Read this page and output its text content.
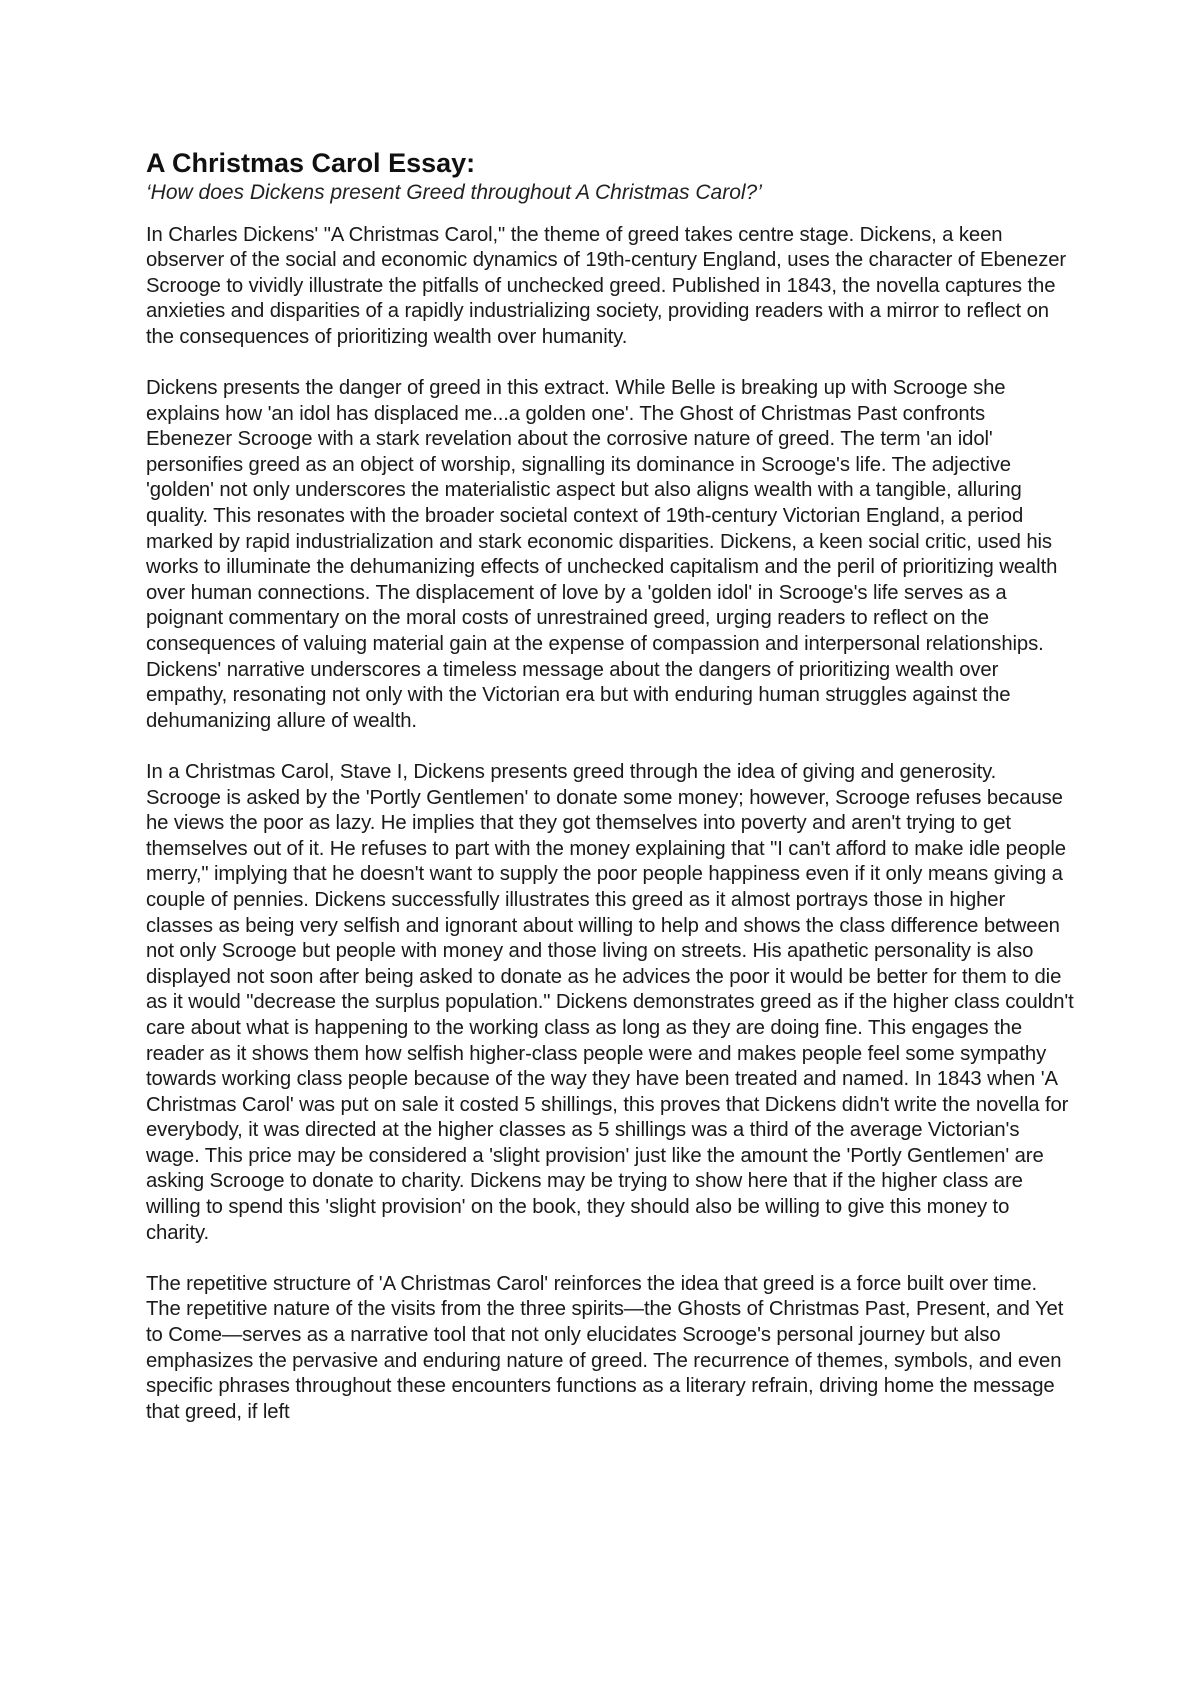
A Christmas Carol Essay:

‘How does Dickens present Greed throughout A Christmas Carol?’

In Charles Dickens' "A Christmas Carol," the theme of greed takes centre stage. Dickens, a keen observer of the social and economic dynamics of 19th-century England, uses the character of Ebenezer Scrooge to vividly illustrate the pitfalls of unchecked greed. Published in 1843, the novella captures the anxieties and disparities of a rapidly industrializing society, providing readers with a mirror to reflect on the consequences of prioritizing wealth over humanity.

Dickens presents the danger of greed in this extract. While Belle is breaking up with Scrooge she explains how 'an idol has displaced me...a golden one'. The Ghost of Christmas Past confronts Ebenezer Scrooge with a stark revelation about the corrosive nature of greed. The term 'an idol' personifies greed as an object of worship, signalling its dominance in Scrooge's life. The adjective 'golden' not only underscores the materialistic aspect but also aligns wealth with a tangible, alluring quality. This resonates with the broader societal context of 19th-century Victorian England, a period marked by rapid industrialization and stark economic disparities. Dickens, a keen social critic, used his works to illuminate the dehumanizing effects of unchecked capitalism and the peril of prioritizing wealth over human connections. The displacement of love by a 'golden idol' in Scrooge's life serves as a poignant commentary on the moral costs of unrestrained greed, urging readers to reflect on the consequences of valuing material gain at the expense of compassion and interpersonal relationships. Dickens' narrative underscores a timeless message about the dangers of prioritizing wealth over empathy, resonating not only with the Victorian era but with enduring human struggles against the dehumanizing allure of wealth.

In a Christmas Carol, Stave I, Dickens presents greed through the idea of giving and generosity. Scrooge is asked by the 'Portly Gentlemen' to donate some money; however, Scrooge refuses because he views the poor as lazy. He implies that they got themselves into poverty and aren't trying to get themselves out of it. He refuses to part with the money explaining that "I can't afford to make idle people merry," implying that he doesn't want to supply the poor people happiness even if it only means giving a couple of pennies. Dickens successfully illustrates this greed as it almost portrays those in higher classes as being very selfish and ignorant about willing to help and shows the class difference between not only Scrooge but people with money and those living on streets. His apathetic personality is also displayed not soon after being asked to donate as he advices the poor it would be better for them to die as it would "decrease the surplus population." Dickens demonstrates greed as if the higher class couldn't care about what is happening to the working class as long as they are doing fine. This engages the reader as it shows them how selfish higher-class people were and makes people feel some sympathy towards working class people because of the way they have been treated and named. In 1843 when 'A Christmas Carol' was put on sale it costed 5 shillings, this proves that Dickens didn't write the novella for everybody, it was directed at the higher classes as 5 shillings was a third of the average Victorian's wage. This price may be considered a 'slight provision' just like the amount the 'Portly Gentlemen' are asking Scrooge to donate to charity. Dickens may be trying to show here that if the higher class are willing to spend this 'slight provision' on the book, they should also be willing to give this money to charity.

The repetitive structure of 'A Christmas Carol' reinforces the idea that greed is a force built over time. The repetitive nature of the visits from the three spirits—the Ghosts of Christmas Past, Present, and Yet to Come—serves as a narrative tool that not only elucidates Scrooge's personal journey but also emphasizes the pervasive and enduring nature of greed. The recurrence of themes, symbols, and even specific phrases throughout these encounters functions as a literary refrain, driving home the message that greed, if left
